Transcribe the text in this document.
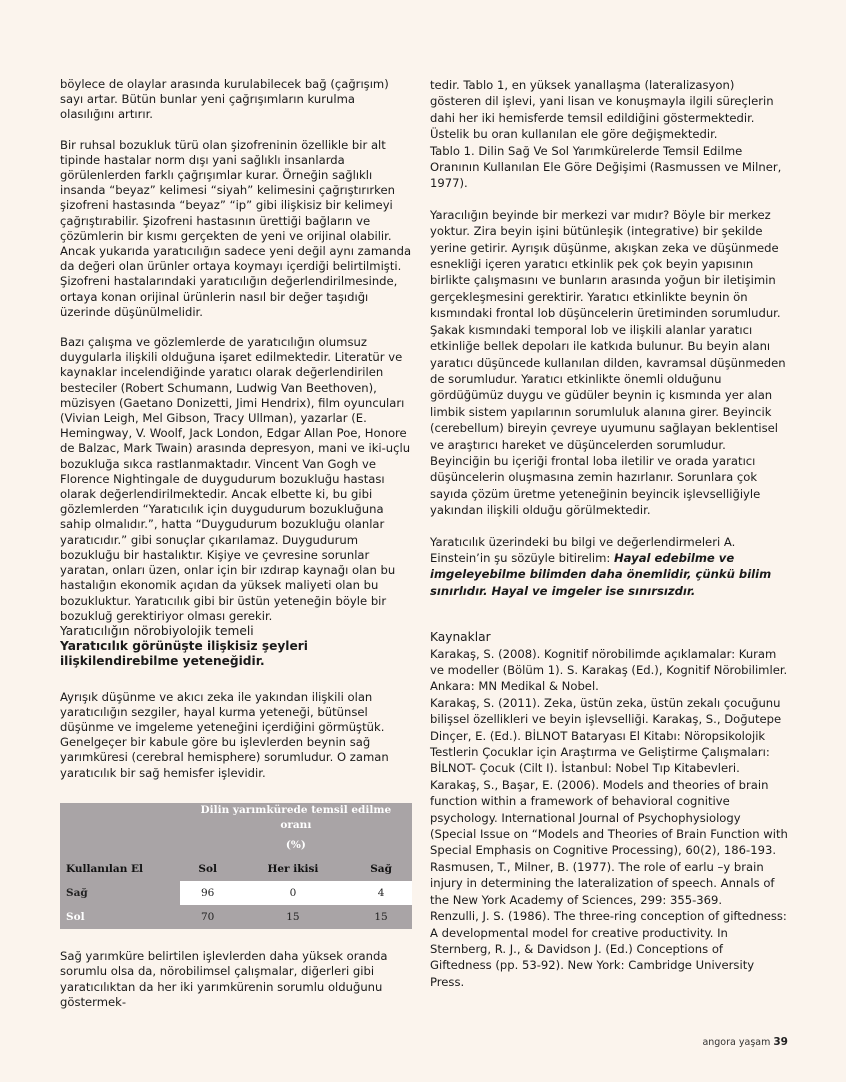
böylece de olaylar arasında kurulabilecek bağ (çağrışım) sayı artar. Bütün bunlar yeni çağrışımların kurulma olasılığını artırır.

Bir ruhsal bozukluk türü olan şizofreninin özellikle bir alt tipinde hastalar norm dışı yani sağlıklı insanlarda görülenlerden farklı çağrışımlar kurar. Örneğin sağlıklı insanda “beyaz” kelimesi “siyah” kelimesini çağrıştırırken şizofreni hastasında “beyaz” “ip” gibi ilişkisiz bir kelimeyi çağrıştırabilir. Şizofreni hastasının ürettiği bağların ve çözümlerin bir kısmı gerçekten de yeni ve orijinal olabilir. Ancak yukarıda yaratıcılığın sadece yeni değil aynı zamanda da değeri olan ürünler ortaya koymayı içerdiği belirtilmişti. Şizofreni hastalarındaki yaratıcılığın değerlendirilmesinde, ortaya konan orijinal ürünlerin nasıl bir değer taşıdığı üzerinde düşünülmelidir.

Bazı çalışma ve gözlemlerde de yaratıcılığın olumsuz duygularla ilişkili olduğuna işaret edilmektedir. Literatür ve kaynaklar incelendiğinde yaratıcı olarak değerlendirilen besteciler (Robert Schumann, Ludwig Van Beethoven), müzisyen (Gaetano Donizetti, Jimi Hendrix), film oyuncuları (Vivian Leigh, Mel Gibson, Tracy Ullman), yazarlar (E. Hemingway, V. Woolf, Jack London, Edgar Allan Poe, Honore de Balzac, Mark Twain) arasında depresyon, mani ve iki-uçlu bozukluğa sıkca rastlanmaktadır. Vincent Van Gogh ve Florence Nightingale de duygudurum bozukluğu hastası olarak değerlendirilmektedir. Ancak elbette ki, bu gibi gözlemlerden “Yaratıcılık için duygudurum bozukluğuna sahip olmalıdır.”, hatta “Duygudurum bozukluğu olanlar yaratıcıdır.” gibi sonuçlar çıkarılamaz. Duygudurum bozukluğu bir hastalıktır. Kişiye ve çevresine sorunlar yaratan, onları üzen, onlar için bir ızdırap kaynağı olan bu hastalığın ekonomik açıdan da yüksek maliyeti olan bu bozukluktur. Yaratıcılık gibi bir üstün yeteneğin böyle bir bozukluğ gerektiriyor olması gerekir.

Yaratıcılığın nörobiyolojik temeli

Yaratıcılık görünüşte ilişkisiz şeyleri ilişkilendirebilme yeteneğidir.

Ayrışık düşünme ve akıcı zeka ile yakından ilişkili olan yaratıcılığın sezgiler, hayal kurma yeteneği, bütünsel düşünme ve imgeleme yeteneğini içerdiğini görmüştük. Genelgeçer bir kabule göre bu işlevlerden beynin sağ yarımküresi (cerebral hemisphere) sorumludur. O zaman yaratıcılık bir sağ hemisfer işlevidir.

	Dilin yarımkürede temsil edilme oranı		
	(%)		
Kullanılan El	Sol	Her ikisi	Sağ
Sağ	96	0	4
Sol	70	15	15

Sağ yarımküre belirtilen işlevlerden daha yüksek oranda sorumlu olsa da, nörobilimsel çalışmalar, diğerleri gibi yaratıcılıktan da her iki yarımkürenin sorumlu olduğunu göstermek-

tedir. Tablo 1, en yüksek yanallaşma (lateralizasyon) gösteren dil işlevi, yani lisan ve konuşmayla ilgili süreçlerin dahi her iki hemisferde temsil edildiğini göstermektedir. Üstelik bu oran kullanılan ele göre değişmektedir.

Tablo 1. Dilin Sağ Ve Sol Yarımkürelerde Temsil Edilme Oranının Kullanılan Ele Göre Değişimi (Rasmussen ve Milner, 1977).

Yaracılığın beyinde bir merkezi var mıdır? Böyle bir merkez yoktur. Zira beyin işini bütünleşik (integrative) bir şekilde yerine getirir. Ayrışık düşünme, akışkan zeka ve düşünmede esnekliği içeren yaratıcı etkinlik pek çok beyin yapısının birlikte çalışmasını ve bunların arasında yoğun bir iletişimin gerçekleşmesini gerektirir. Yaratıcı etkinlikte beynin ön kısmındaki frontal lob düşüncelerin üretiminden sorumludur. Şakak kısmındaki temporal lob ve ilişkili alanlar yaratıcı etkinliğe bellek depoları ile katkıda bulunur. Bu beyin alanı yaratıcı düşüncede kullanılan dilden, kavramsal düşünmeden de sorumludur. Yaratıcı etkinlikte önemli olduğunu gördüğümüz duygu ve güdüler beynin iç kısmında yer alan limbik sistem yapılarının sorumluluk alanına girer. Beyincik (cerebellum) bireyin çevreye uyumunu sağlayan beklentisel ve araştırıcı hareket ve düşüncelerden sorumludur. Beyinciğin bu içeriği frontal loba iletilir ve orada yaratıcı düşüncelerin oluşmasına zemin hazırlanır. Sorunlara çok sayıda çözüm üretme yeteneğinin beyincik işlevselliğiyle yakından ilişkili olduğu görülmektedir.

Yaratıcılık üzerindeki bu bilgi ve değerlendirmeleri A. Einstein’in şu sözüyle bitirelim: Hayal edebilme ve imgeleyebilme bilimden daha önemlidir, çünkü bilim sınırlıdır. Hayal ve imgeler ise sınırsızdır.

Kaynaklar

Karakaş, S. (2008). Kognitif nörobilimde açıklamalar: Kuram ve modeller (Bölüm 1). S. Karakaş (Ed.), Kognitif Nörobilimler. Ankara: MN Medikal & Nobel.

Karakaş, S. (2011). Zeka, üstün zeka, üstün zekalı çocuğunu bilişsel özellikleri ve beyin işlevselliği. Karakaş, S., Doğutepe Dinçer, E. (Ed.). BİLNOT Bataryası El Kitabı: Nöropsikolojik Testlerin Çocuklar için Araştırma ve Geliştirme Çalışmaları: BİLNOT- Çocuk (Cilt I). İstanbul: Nobel Tıp Kitabevleri.

Karakaş, S., Başar, E. (2006). Models and theories of brain function within a framework of behavioral cognitive psychology. International Journal of Psychophysiology (Special Issue on “Models and Theories of Brain Function with Special Emphasis on Cognitive Processing), 60(2), 186-193.

Rasmusen, T., Milner, B. (1977). The role of earlu –y brain injury in determining the lateralization of speech. Annals of the New York Academy of Sciences, 299: 355-369.

Renzulli, J. S. (1986). The three-ring conception of giftedness: A developmental model for creative productivity. In Sternberg, R. J., & Davidson J. (Ed.) Conceptions of Giftedness (pp. 53-92). New York: Cambridge University Press.

angora yaşam 39
